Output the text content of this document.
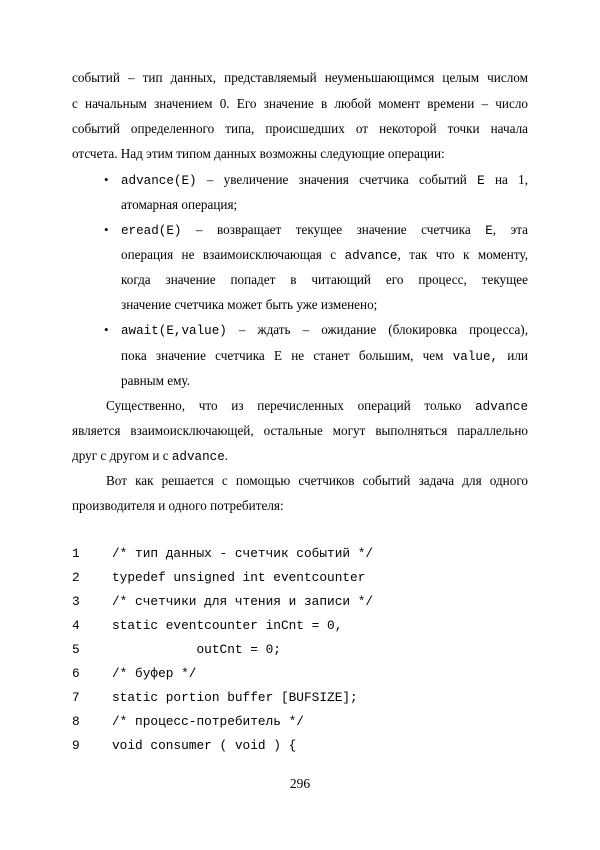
событий – тип данных, представляемый неуменьшающимся целым числом
с начальным значением 0. Его значение в любой момент времени – число
событий определенного типа, происшедших от некоторой точки начала
отсчета. Над этим типом данных возможны следующие операции:
• advance(E) – увеличение значения счетчика событий E на 1,
атомарная операция;
• eread(E) – возвращает текущее значение счетчика E, эта
операция не взаимоисключающая с advance, так что к моменту,
когда значение попадет в читающий его процесс, текущее
значение счетчика может быть уже изменено;
• await(E,value) – ждать – ожидание (блокировка процесса),
пока значение счетчика E не станет большим, чем value, или
равным ему.
Существенно, что из перечисленных операций только advance
является взаимоисключающей, остальные могут выполняться параллельно
друг с другом и с advance.
Вот как решается с помощью счетчиков событий задача для одного
производителя и одного потребителя:
1	/* тип данных - счетчик событий */
2	typedef unsigned int eventcounter
3	/* счетчики для чтения и записи */
4	static eventcounter inCnt = 0,
5	outCnt = 0;
6	/* буфер */
7	static portion buffer [BUFSIZE];
8	/* процесс-потребитель */
9	void consumer ( void ) {
296
